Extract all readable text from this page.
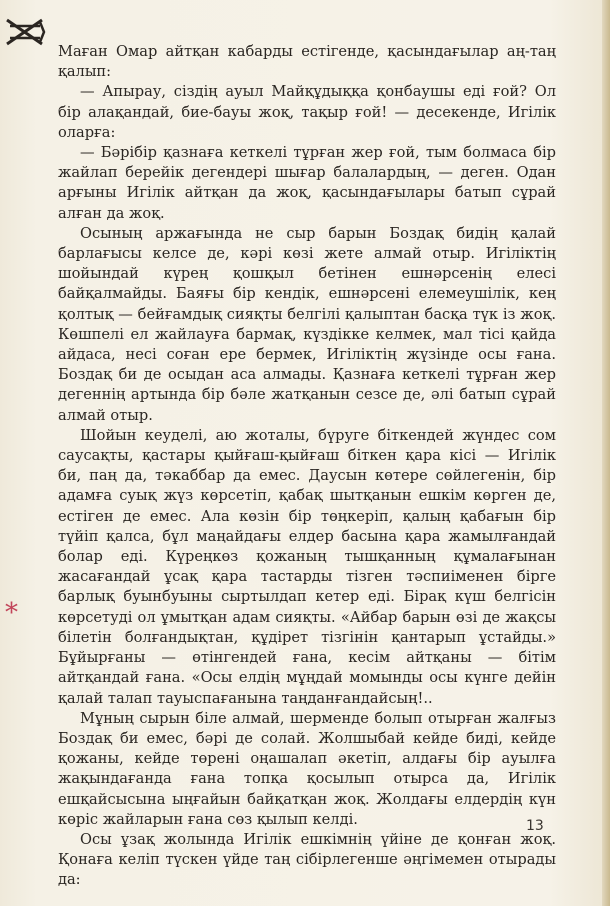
*

Маған Омар айтқан кабарды естігенде, қасындағылар аң-таң қалып:

— Апырау, сіздің ауыл Майқұдыққа қонбаушы еді ғой? Ол бір алақандай, бие-бауы жоқ, тақыр ғой! — десекенде, Игілік оларға:

— Бәрібір қазнаға кеткелі тұрған жер ғой, тым болмаса бір жайлап берейік дегендері шығар балалардың, — деген. Одан арғыны Игілік айтқан да жоқ, қасындағылары батып сұрай алған да жоқ.

Осының аржағында не сыр барын Боздақ бидің қалай барлағысы келсе де, кәрі көзі жете алмай отыр. Игіліктің шойындай күрең қошқыл бетінен ешнәрсенің елесі байқалмайды. Баяғы бір кендік, ешнәрсені елемеушілік, кең қолтық — бейғамдық сияқты белгілі қалыптан басқа түк із жоқ. Көшпелі ел жайлауға бармақ, күздікке келмек, мал тісі қайда айдаса, несі соған ере бермек, Игіліктің жүзінде осы ғана. Боздақ би де осыдан аса алмады. Қазнаға кеткелі тұрған жер дегеннің артында бір бәле жатқанын сезсе де, әлі батып сұрай алмай отыр.

Шойын кеуделі, аю жоталы, бүруге біткендей жүндес сом саусақты, қастары қыйғаш-қыйғаш біткен қара кісі — Игілік би, паң да, тәкаббар да емес. Даусын көтере сөйлегенін, бір адамға суық жүз көрсетіп, қабақ шытқанын ешкім көрген де, естіген де емес. Ала көзін бір төңкеріп, қалың қабағын бір түйіп қалса, бұл маңайдағы елдер басына қара жамылғандай болар еді. Күреңкөз қожаның тышқанның құмалағынан жасағандай ұсақ қара тастарды тізген тәспиіменен бірге барлық буынбуыны сыртылдап кетер еді. Бірақ күш белгісін көрсетуді ол ұмытқан адам сияқты. «Айбар барын өзі де жақсы білетін болғандықтан, құдірет тізгінін қантарып ұстайды.» Бұйырғаны — өтінгендей ғана, кесім айтқаны — бітім айтқандай ғана. «Осы елдің мұңдай момынды осы күнге дейін қалай талап тауыспағанына таңданғандайсың!..

Мұның сырын біле алмай, шерменде болып отырған жалғыз Боздақ би емес, бәрі де солай. Жолшыбай кейде биді, кейде қожаны, кейде төрені оңашалап әкетіп, алдағы бір ауылға жақындағанда ғана топқа қосылып отырса да, Игілік ешқайсысына ыңғайын байқатқан жоқ. Жолдағы елдердің күн көріс жайларын ғана сөз қылып келді.

Осы ұзақ жолында Игілік ешкімнің үйіне де қонған жоқ. Қонаға келіп түскен үйде таң сібірлегенше әңгімемен отырады да:

13
